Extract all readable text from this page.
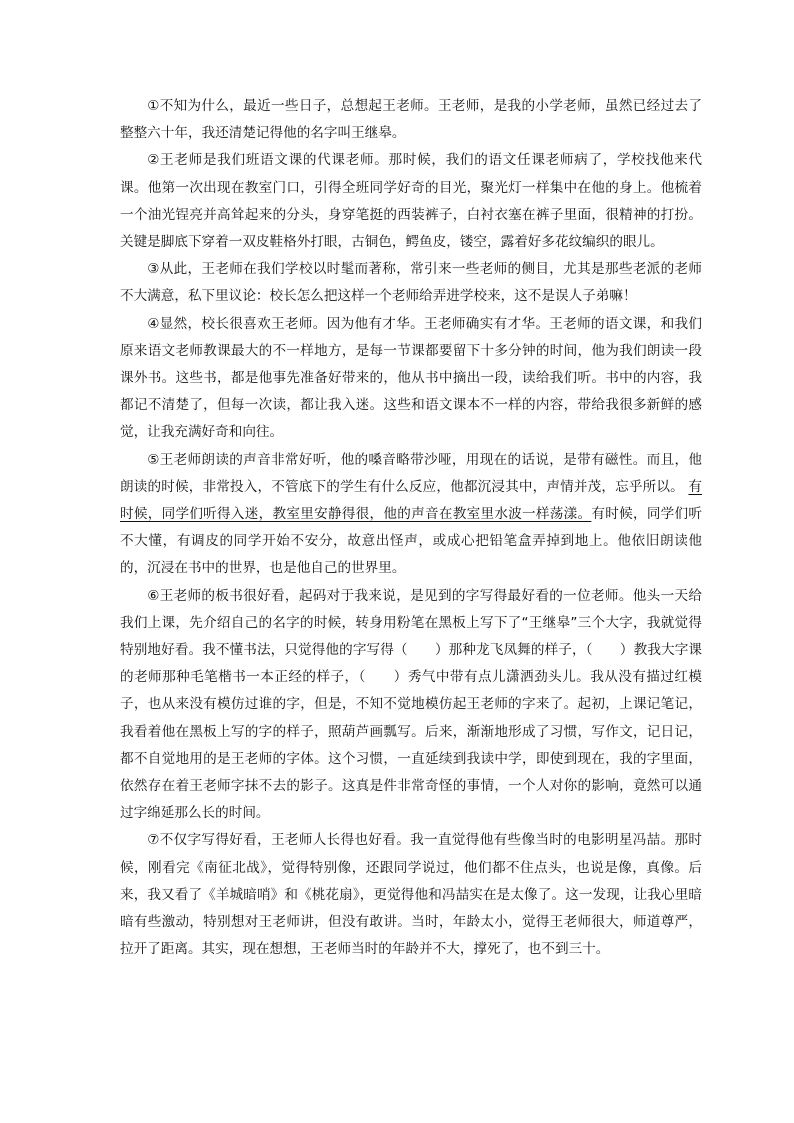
①不知为什么，最近一些日子，总想起王老师。王老师，是我的小学老师，虽然已经过去了整整六十年，我还清楚记得他的名字叫王继皋。

②王老师是我们班语文课的代课老师。那时候，我们的语文任课老师病了，学校找他来代课。他第一次出现在教室门口，引得全班同学好奇的目光，聚光灯一样集中在他的身上。他梳着一个油光锃亮并高耸起来的分头，身穿笔挺的西装裤子，白衬衣塞在裤子里面，很精神的打扮。关键是脚底下穿着一双皮鞋格外打眼，古铜色，鳄鱼皮，镂空，露着好多花纹编织的眼儿。

③从此，王老师在我们学校以时髦而著称，常引来一些老师的侧目，尤其是那些老派的老师不大满意，私下里议论：校长怎么把这样一个老师给弄进学校来，这不是误人子弟嘛！

④显然，校长很喜欢王老师。因为他有才华。王老师确实有才华。王老师的语文课，和我们原来语文老师教课最大的不一样地方，是每一节课都要留下十多分钟的时间，他为我们朗读一段课外书。这些书，都是他事先准备好带来的，他从书中摘出一段，读给我们听。书中的内容，我都记不清楚了，但每一次读，都让我入迷。这些和语文课本不一样的内容，带给我很多新鲜的感觉，让我充满好奇和向往。

⑤王老师朗读的声音非常好听，他的嗓音略带沙哑，用现在的话说，是带有磁性。而且，他朗读的时候，非常投入，不管底下的学生有什么反应，他都沉浸其中，声情并茂，忘乎所以。 有时候，同学们听得入迷，教室里安静得很，他的声音在教室里水波一样荡漾。有时候，同学们听不大懂，有调皮的同学开始不安分，故意出怪声，或成心把铅笔盒弄掉到地上。他依旧朗读他的，沉浸在书中的世界，也是他自己的世界里。

⑥王老师的板书很好看，起码对于我来说，是见到的字写得最好看的一位老师。他头一天给我们上课，先介绍自己的名字的时候，转身用粉笔在黑板上写下了“王继皋”三个大字，我就觉得特别地好看。我不懂书法，只觉得他的字写得（　　）那种龙飞凤舞的样子，（　　）教我大字课的老师那种毛笔楷书一本正经的样子，（　　）秀气中带有点儿潇洒劲头儿。我从没有描过红模子，也从来没有模仿过谁的字，但是，不知不觉地模仿起王老师的字来了。起初，上课记笔记，我看着他在黑板上写的字的样子，照葫芦画瓢写。后来，渐渐地形成了习惯，写作文，记日记，都不自觉地用的是王老师的字体。这个习惯，一直延续到我读中学，即使到现在，我的字里面，依然存在着王老师字抹不去的影子。这真是件非常奇怪的事情，一个人对你的影响，竟然可以通过字绵延那么长的时间。

⑦不仅字写得好看，王老师人长得也好看。我一直觉得他有些像当时的电影明星冯喆。那时候，刚看完《南征北战》，觉得特别像，还跟同学说过，他们都不住点头，也说是像，真像。后来，我又看了《羊城暗哨》和《桃花扇》，更觉得他和冯喆实在是太像了。这一发现，让我心里暗暗有些激动，特别想对王老师讲，但没有敢讲。当时，年龄太小，觉得王老师很大，师道尊严，拉开了距离。其实，现在想想，王老师当时的年龄并不大，撑死了，也不到三十。
